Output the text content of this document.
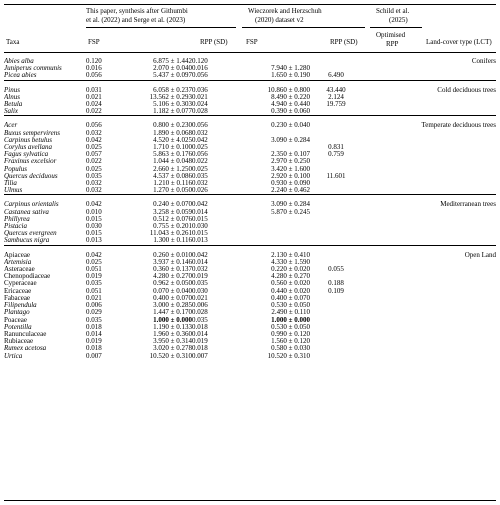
This paper, synthesis after Githumbi
et al. (2022) and Serge et al. (2023)
Wieczorek and Herzschuh
(2020) dataset v2
Schild et al.
(2025)
Taxa	FSP	RPP (SD)	FSP	RPP (SD)
Optimised
RPP	Land-cover type (LCT)
Abies alba	0.120	6.875 ± 1.442	0.120			Conifers
Juniperus communis	0.016	2.070 ± 0.040	0.016	7.940 ± 1.280		
Picea abies	0.056	5.437 ± 0.097	0.056	1.650 ± 0.190	6.490	

Pinus	0.031	6.058 ± 0.237	0.036	10.860 ± 0.800	43.440	Cold deciduous trees
Alnus	0.021	13.562 ± 0.293	0.021	8.490 ± 0.220	2.124	
Betula	0.024	5.106 ± 0.303	0.024	4.940 ± 0.440	19.759	
Salix	0.022	1.182 ± 0.077	0.028	0.390 ± 0.060		

Acer	0.056	0.800 ± 0.230	0.056	0.230 ± 0.040		Temperate deciduous trees
Buxus sempervirens	0.032	1.890 ± 0.068	0.032			
Carpinus betulus	0.042	4.520 ± 4.025	0.042	3.090 ± 0.284		
Corylus avellana	0.025	1.710 ± 0.100	0.025		0.831	
Fagus sylvatica	0.057	5.863 ± 0.176	0.056	2.350 ± 0.107	0.759	
Fraxinus excelsior	0.022	1.044 ± 0.048	0.022	2.970 ± 0.250		
Populus	0.025	2.660 ± 1.250	0.025	3.420 ± 1.600		
Quercus deciduous	0.035	4.537 ± 0.086	0.035	2.920 ± 0.100	11.601	
Tilia	0.032	1.210 ± 0.116	0.032	0.930 ± 0.090		
Ulmus	0.032	1.270 ± 0.050	0.026	2.240 ± 0.462		

Carpinus orientalis	0.042	0.240 ± 0.070	0.042	3.090 ± 0.284		Mediterranean trees
Castanea sativa	0.010	3.258 ± 0.059	0.014	5.870 ± 0.245		
Phillyrea	0.015	0.512 ± 0.076	0.015			
Pistacia	0.030	0.755 ± 0.201	0.030			
Quercus evergreen	0.015	11.043 ± 0.261	0.015			
Sambucus nigra	0.013	1.300 ± 0.116	0.013			

Apiaceae	0.042	0.260 ± 0.010	0.042	2.130 ± 0.410		Open Land
Artemisia	0.025	3.937 ± 0.146	0.014	4.330 ± 1.590		
Asteraceae	0.051	0.360 ± 0.137	0.032	0.220 ± 0.020	0.055	
Chenopodiaceae	0.019	4.280 ± 0.270	0.019	4.280 ± 0.270		
Cyperaceae	0.035	0.962 ± 0.050	0.035	0.560 ± 0.020	0.188	
Ericaceae	0.051	0.070 ± 0.040	0.030	0.440 ± 0.020	0.109	
Fabaceae	0.021	0.400 ± 0.070	0.021	0.400 ± 0.070		
Filipendula	0.006	3.000 ± 0.285	0.006	0.530 ± 0.050		
Plantago	0.029	1.447 ± 0.170	0.028	2.490 ± 0.110		
Poaceae	0.035	1.000 ± 0.000	0.035	1.000 ± 0.000		
Potentilla	0.018	1.190 ± 0.133	0.018	0.530 ± 0.050		
Ranunculaceae	0.014	1.960 ± 0.360	0.014	0.990 ± 0.120		
Rubiaceae	0.019	3.950 ± 0.314	0.019	1.560 ± 0.120		
Rumex acetosa	0.018	3.020 ± 0.278	0.018	0.580 ± 0.030		
Urtica	0.007	10.520 ± 0.310	0.007	10.520 ± 0.310		
